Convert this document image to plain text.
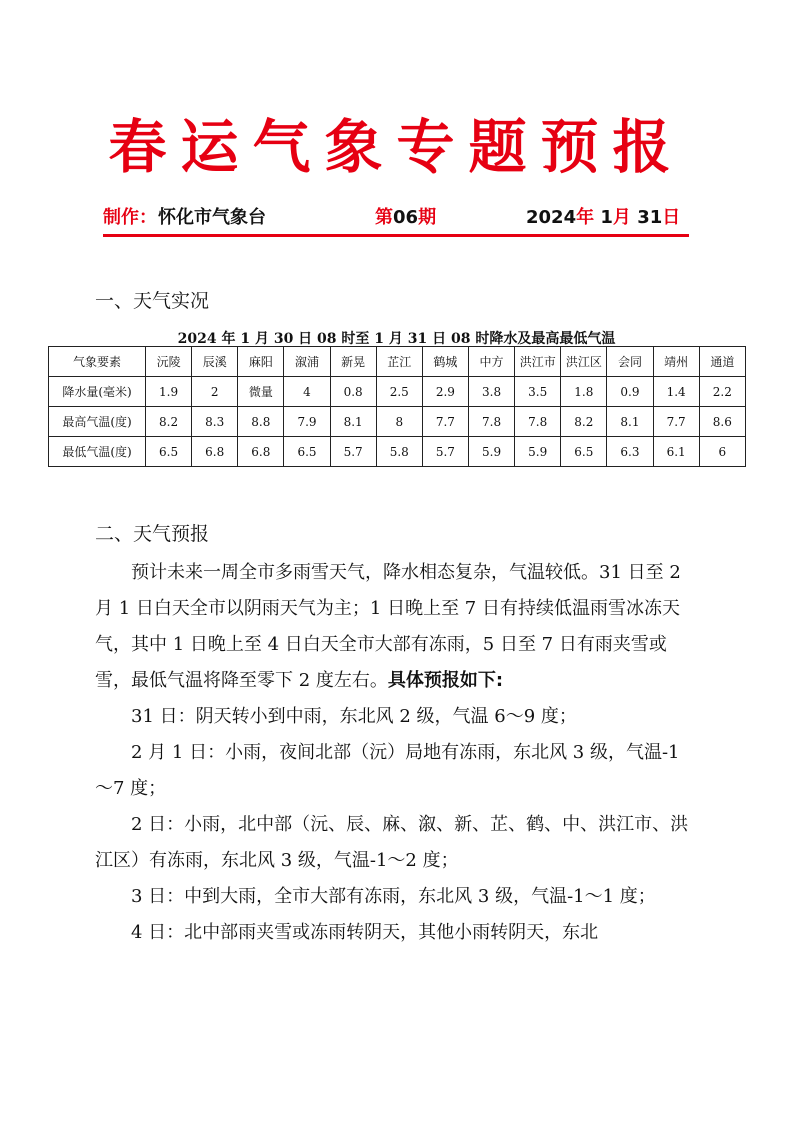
春运气象专题预报
制作： 怀化市气象台	第06期	2024年 1月 31日
一、天气实况
2024 年 1 月 30 日 08 时至 1 月 31 日 08 时降水及最高最低气温
气象要素	沅陵	辰溪	麻阳	溆浦	新晃	芷江	鹤城	中方	洪江市	洪江区	会同	靖州	通道
降水量(毫米)	1.9	2	微量	4	0.8	2.5	2.9	3.8	3.5	1.8	0.9	1.4	2.2
最高气温(度)	8.2	8.3	8.8	7.9	8.1	8	7.7	7.8	7.8	8.2	8.1	7.7	8.6
最低气温(度)	6.5	6.8	6.8	6.5	5.7	5.8	5.7	5.9	5.9	6.5	6.3	6.1	6
二、天气预报

预计未来一周全市多雨雪天气，降水相态复杂，气温较低。31 日至 2 月 1 日白天全市以阴雨天气为主；1 日晚上至 7 日有持续低温雨雪冰冻天气，其中 1 日晚上至 4 日白天全市大部有冻雨，5 日至 7 日有雨夹雪或雪，最低气温将降至零下 2 度左右。具体预报如下:

31 日：阴天转小到中雨，东北风 2 级，气温 6～9 度；

2 月 1 日：小雨，夜间北部（沅）局地有冻雨，东北风 3 级，气温-1～7 度；

2 日：小雨，北中部（沅、辰、麻、溆、新、芷、鹤、中、洪江市、洪江区）有冻雨，东北风 3 级，气温-1～2 度；

3 日：中到大雨，全市大部有冻雨，东北风 3 级，气温-1～1 度；

4 日：北中部雨夹雪或冻雨转阴天，其他小雨转阴天，东北
